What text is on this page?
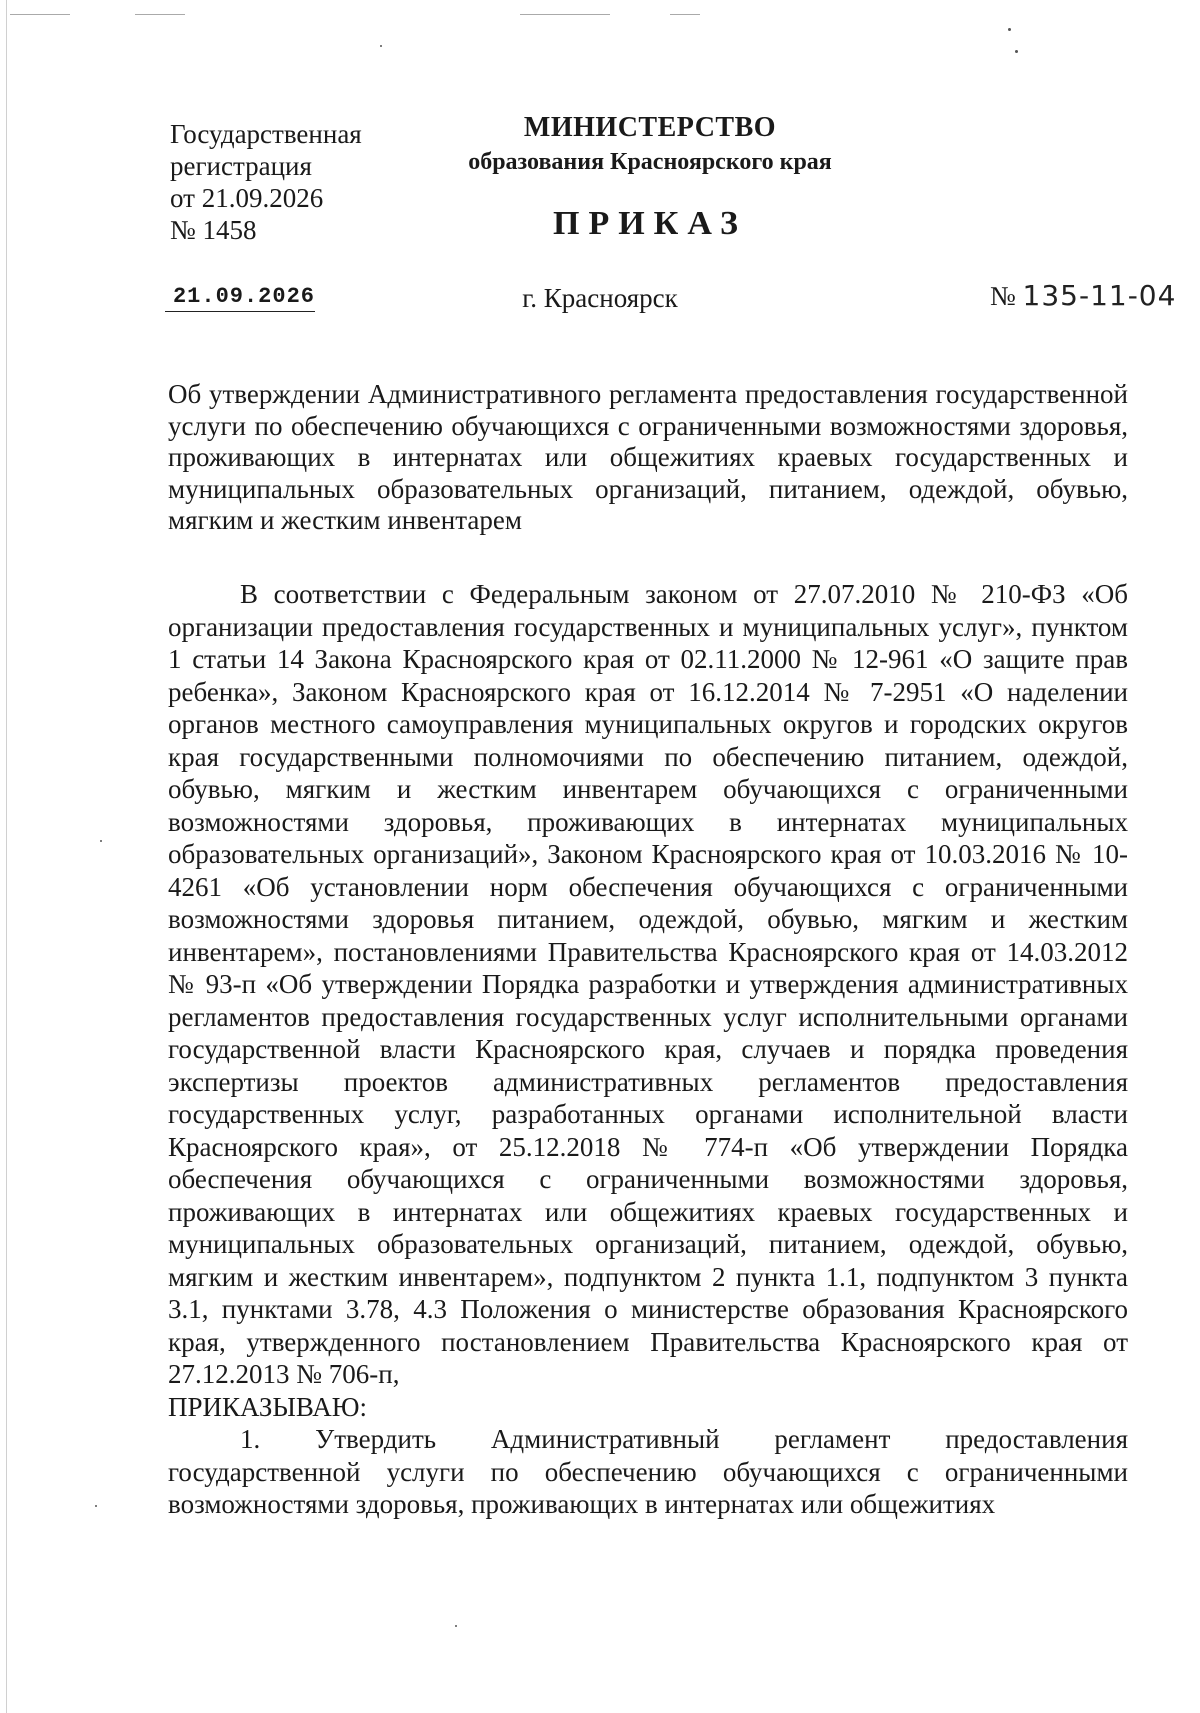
Государственная
регистрация
от 21.09.2026
№ 1458
МИНИСТЕРСТВО
образования Красноярского края
ПРИКАЗ
21.09.2026	г. Красноярск	№ 135-11-04
Об утверждении Административного регламента предоставления государственной услуги по обеспечению обучающихся с ограниченными возможностями здоровья, проживающих в интернатах или общежитиях краевых государственных и муниципальных образовательных организаций, питанием, одеждой, обувью, мягким и жестким инвентарем

В соответствии с Федеральным законом от 27.07.2010 № 210-ФЗ «Об организации предоставления государственных и муниципальных услуг», пунктом 1 статьи 14 Закона Красноярского края от 02.11.2000 № 12-961 «О защите прав ребенка», Законом Красноярского края от 16.12.2014 № 7-2951 «О наделении органов местного самоуправления муниципальных округов и городских округов края государственными полномочиями по обеспечению питанием, одеждой, обувью, мягким и жестким инвентарем обучающихся с ограниченными возможностями здоровья, проживающих в интернатах муниципальных образовательных организаций», Законом Красноярского края от 10.03.2016 № 10-4261 «Об установлении норм обеспечения обучающихся с ограниченными возможностями здоровья питанием, одеждой, обувью, мягким и жестким инвентарем», постановлениями Правительства Красноярского края от 14.03.2012 № 93-п «Об утверждении Порядка разработки и утверждения административных регламентов предоставления государственных услуг исполнительными органами государственной власти Красноярского края, случаев и порядка проведения экспертизы проектов административных регламентов предоставления государственных услуг, разработанных органами исполнительной власти Красноярского края», от 25.12.2018 № 774-п «Об утверждении Порядка обеспечения обучающихся с ограниченными возможностями здоровья, проживающих в интернатах или общежитиях краевых государственных и муниципальных образовательных организаций, питанием, одеждой, обувью, мягким и жестким инвентарем», подпунктом 2 пункта 1.1, подпунктом 3 пункта 3.1, пунктами 3.78, 4.3 Положения о министерстве образования Красноярского края, утвержденного постановлением Правительства Красноярского края от 27.12.2013 № 706-п,

ПРИКАЗЫВАЮ:

1. Утвердить Административный регламент предоставления государственной услуги по обеспечению обучающихся с ограниченными возможностями здоровья, проживающих в интернатах или общежитиях
